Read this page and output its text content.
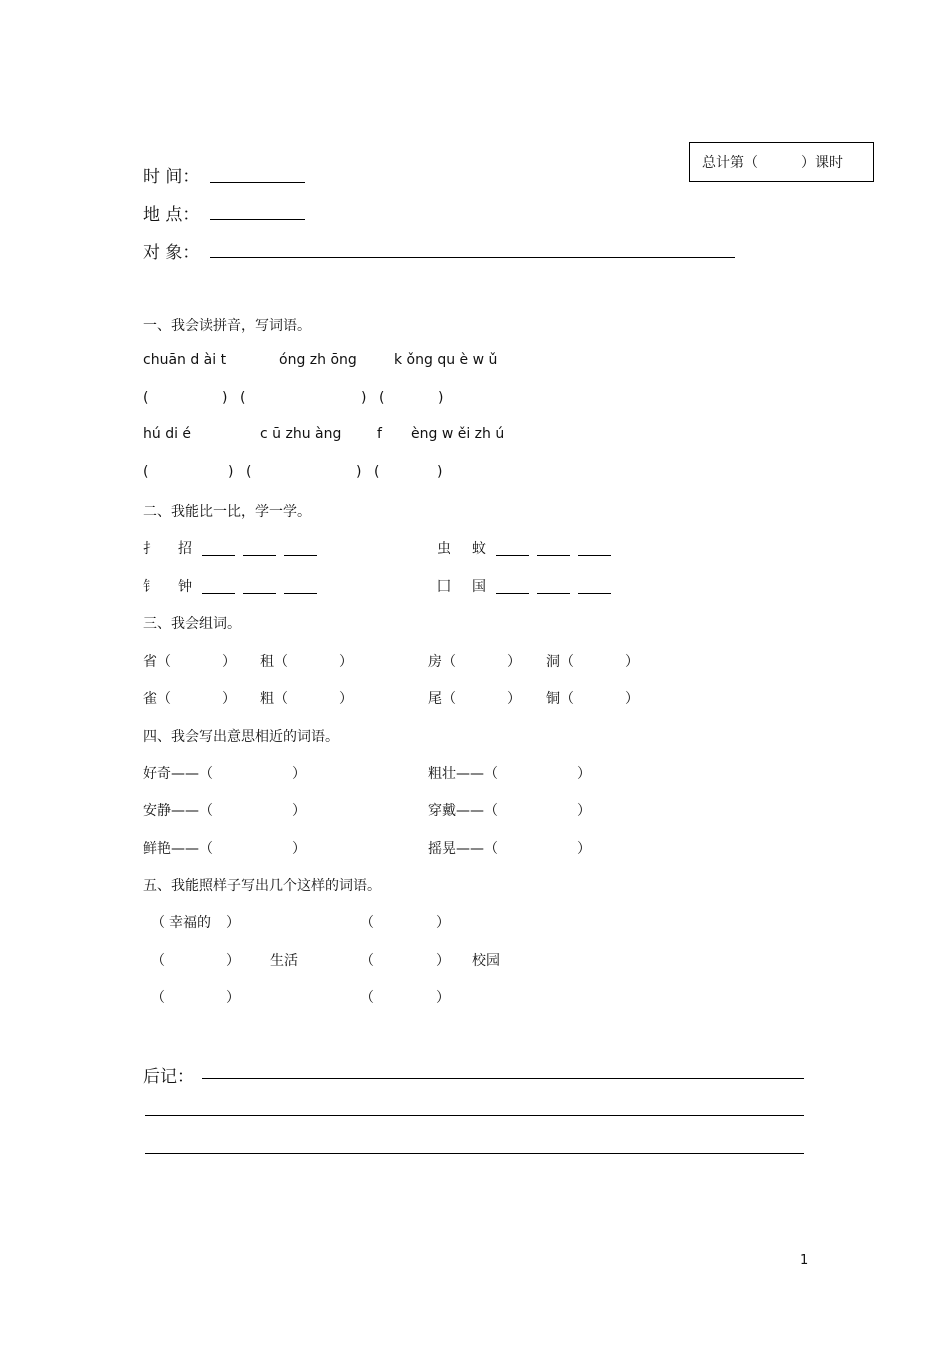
总计第（	）课时
时 间：
地 点：
对 象：
一、我会读拼音，写词语。
chuān d ài t	óng zh ōng	k ǒng qu è w ǔ
(	) (	) (	)
hú di é	c ū zhu àng	f èng w ěi zh ú
(	) (	) (	)
二、我能比一比，学一学。
扌 招	虫 蚊
钅 钟	囗 国
三、我会组词。
省（	） 租（	）	房（	） 洞（	）
雀（	） 粗（	）	尾（	） 铜（	）
四、我会写出意思相近的词语。
好奇——（	）	粗壮——（	）
安静——（	）	穿戴——（	）
鲜艳——（	）	摇晃——（	）
五、我能照样子写出几个这样的词语。
（ 幸福的 ）	（	）
（	） 生活	（	） 校园
（	）	（	）
后记：
1
